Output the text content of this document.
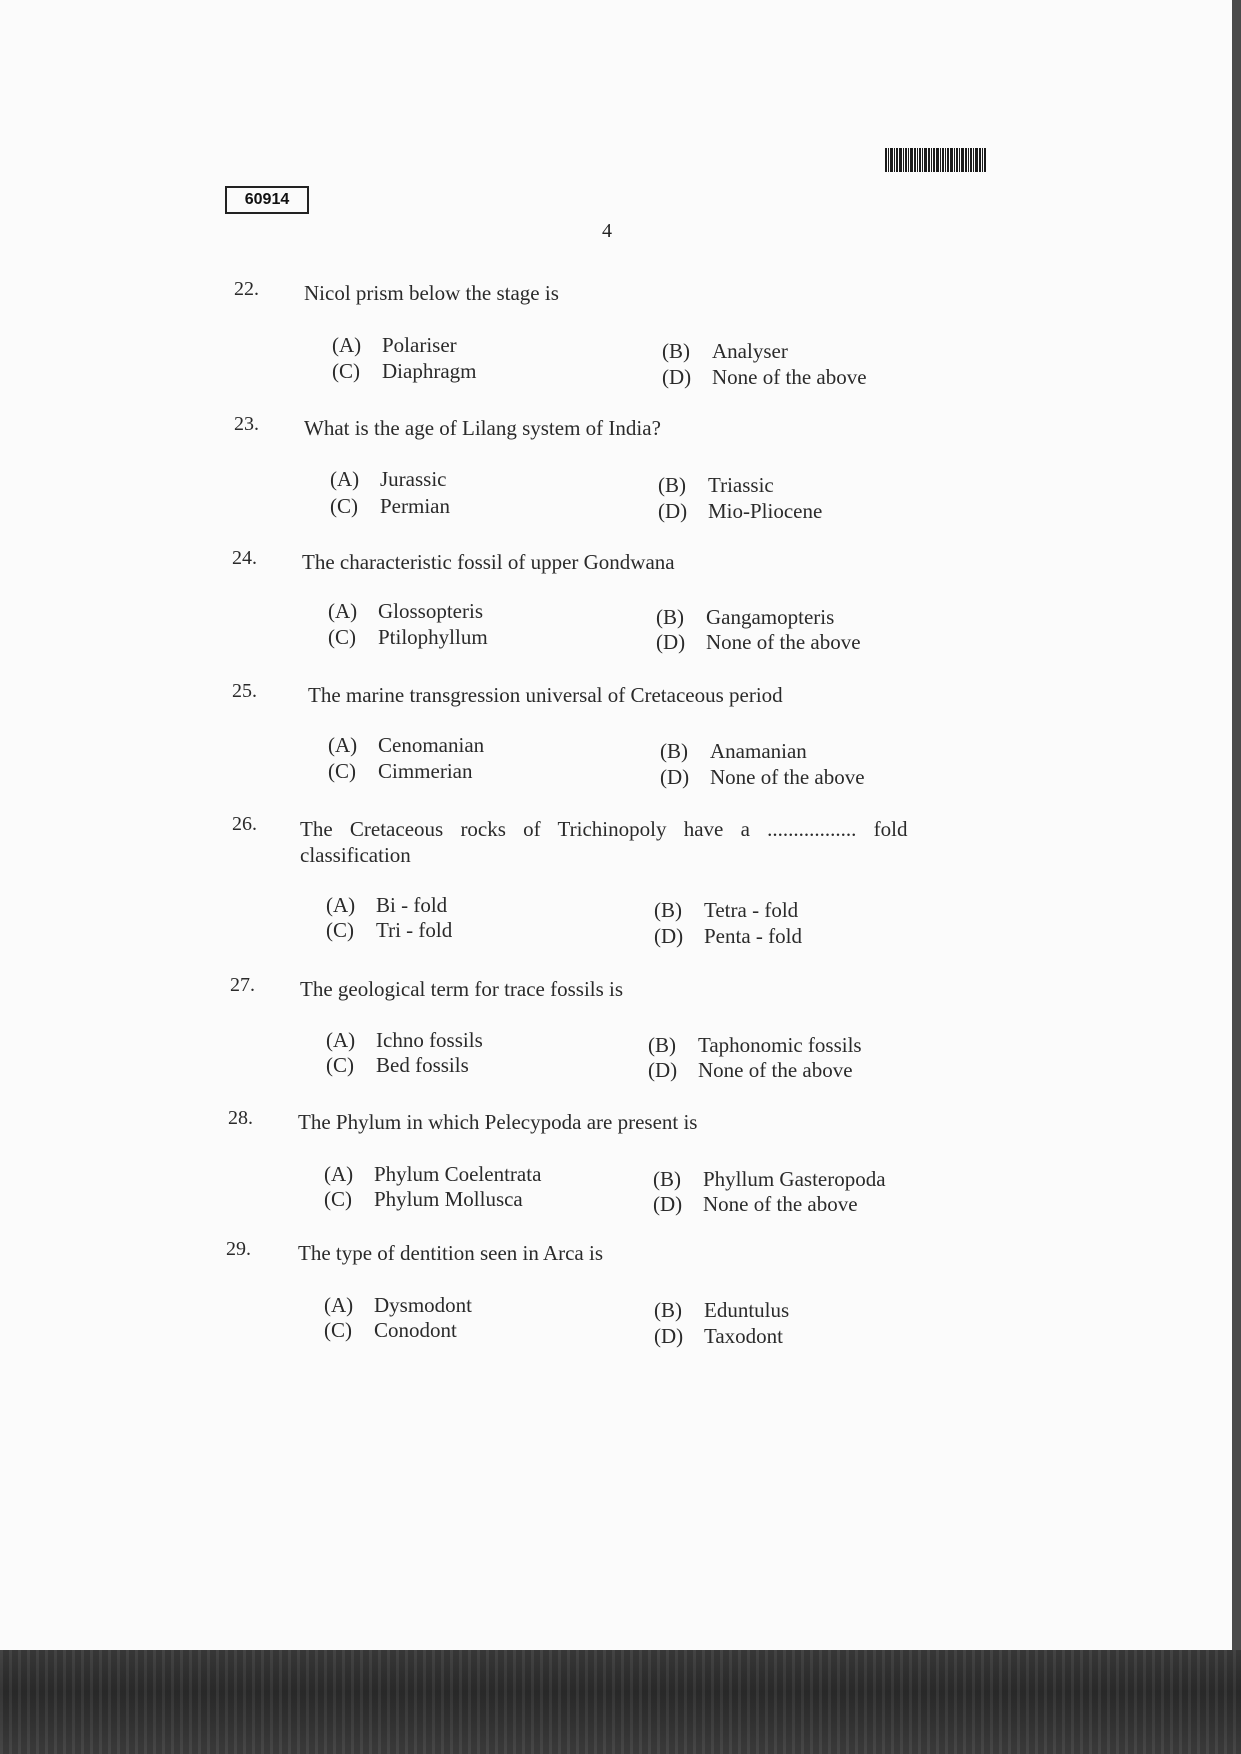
60914
4
22. Nicol prism below the stage is
(A) Polariser	(B) Analyser
(C) Diaphragm	(D) None of the above
23. What is the age of Lilang system of India?
(A) Jurassic	(B) Triassic
(C) Permian	(D) Mio-Pliocene
24. The characteristic fossil of upper Gondwana
(A) Glossopteris	(B) Gangamopteris
(C) Ptilophyllum	(D) None of the above
25. The marine transgression universal of Cretaceous period
(A) Cenomanian	(B) Anamanian
(C) Cimmerian	(D) None of the above
26. The Cretaceous rocks of Trichinopoly have a ................. fold
classification
(A) Bi - fold	(B) Tetra - fold
(C) Tri - fold	(D) Penta - fold
27. The geological term for trace fossils is
(A) Ichno fossils	(B) Taphonomic fossils
(C) Bed fossils	(D) None of the above
28. The Phylum in which Pelecypoda are present is
(A) Phylum Coelentrata	(B) Phyllum Gasteropoda
(C) Phylum Mollusca	(D) None of the above
29. The type of dentition seen in Arca is
(A) Dysmodont	(B) Eduntulus
(C) Conodont	(D) Taxodont
